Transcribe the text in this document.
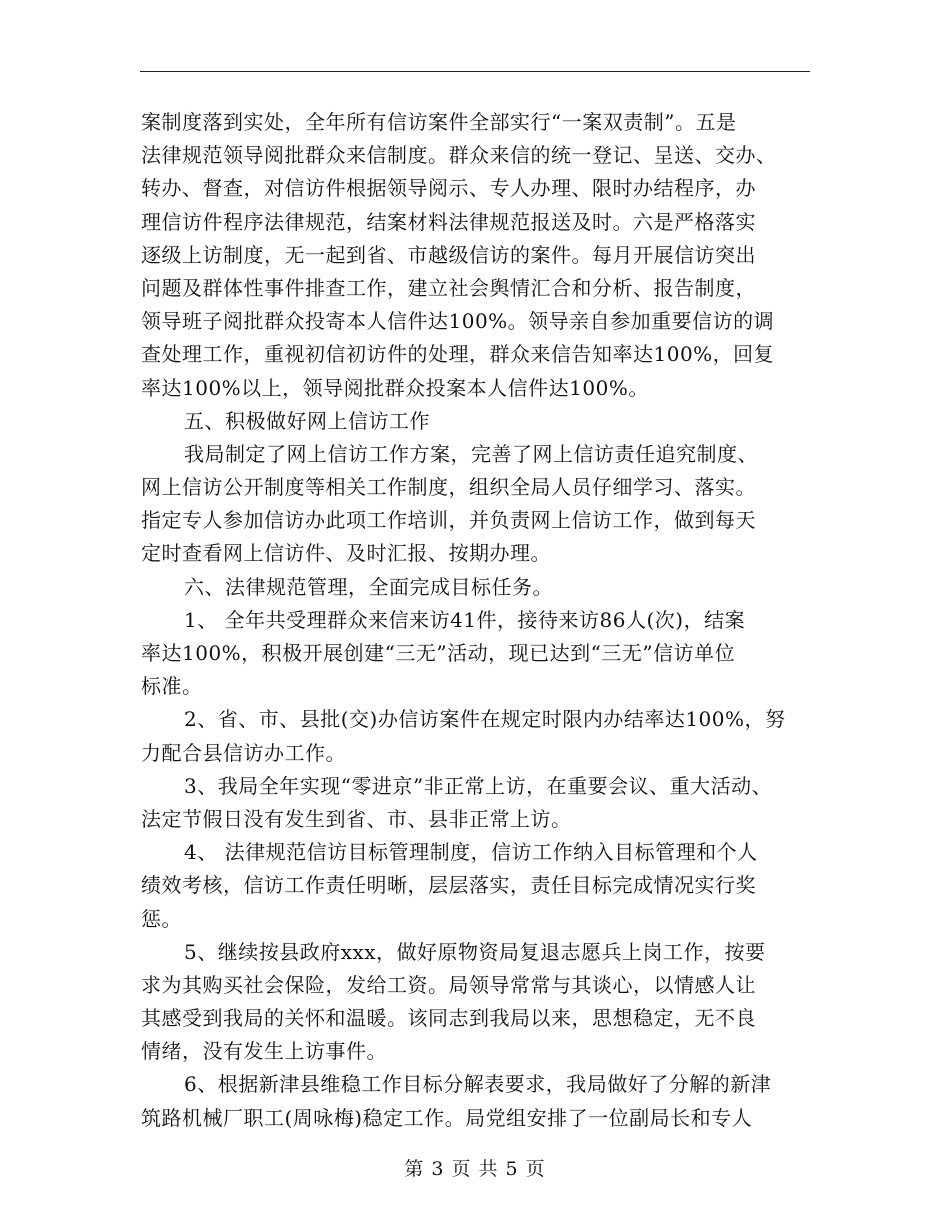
案制度落到实处，全年所有信访案件全部实行“一案双责制”。五是
法律规范领导阅批群众来信制度。群众来信的统一登记、呈送、交办、
转办、督查，对信访件根据领导阅示、专人办理、限时办结程序，办
理信访件程序法律规范，结案材料法律规范报送及时。六是严格落实
逐级上访制度，无一起到省、市越级信访的案件。每月开展信访突出
问题及群体性事件排查工作，建立社会舆情汇合和分析、报告制度，
领导班子阅批群众投寄本人信件达100%。领导亲自参加重要信访的调
查处理工作，重视初信初访件的处理，群众来信告知率达100%，回复
率达100%以上，领导阅批群众投案本人信件达100%。
五、积极做好网上信访工作
我局制定了网上信访工作方案，完善了网上信访责任追究制度、
网上信访公开制度等相关工作制度，组织全局人员仔细学习、落实。
指定专人参加信访办此项工作培训，并负责网上信访工作，做到每天
定时查看网上信访件、及时汇报、按期办理。
六、法律规范管理，全面完成目标任务。
1、 全年共受理群众来信来访41件，接待来访86人(次)，结案
率达100%，积极开展创建“三无”活动，现已达到“三无”信访单位
标准。
2、省、市、县批(交)办信访案件在规定时限内办结率达100%，努
力配合县信访办工作。
3、我局全年实现“零进京”非正常上访，在重要会议、重大活动、
法定节假日没有发生到省、市、县非正常上访。
4、 法律规范信访目标管理制度，信访工作纳入目标管理和个人
绩效考核，信访工作责任明晰，层层落实，责任目标完成情况实行奖
惩。
5、继续按县政府xxx，做好原物资局复退志愿兵上岗工作，按要
求为其购买社会保险，发给工资。局领导常常与其谈心，以情感人让
其感受到我局的关怀和温暖。该同志到我局以来，思想稳定，无不良
情绪，没有发生上访事件。
6、根据新津县维稳工作目标分解表要求，我局做好了分解的新津
筑路机械厂职工(周咏梅)稳定工作。局党组安排了一位副局长和专人
第 3 页 共 5 页
